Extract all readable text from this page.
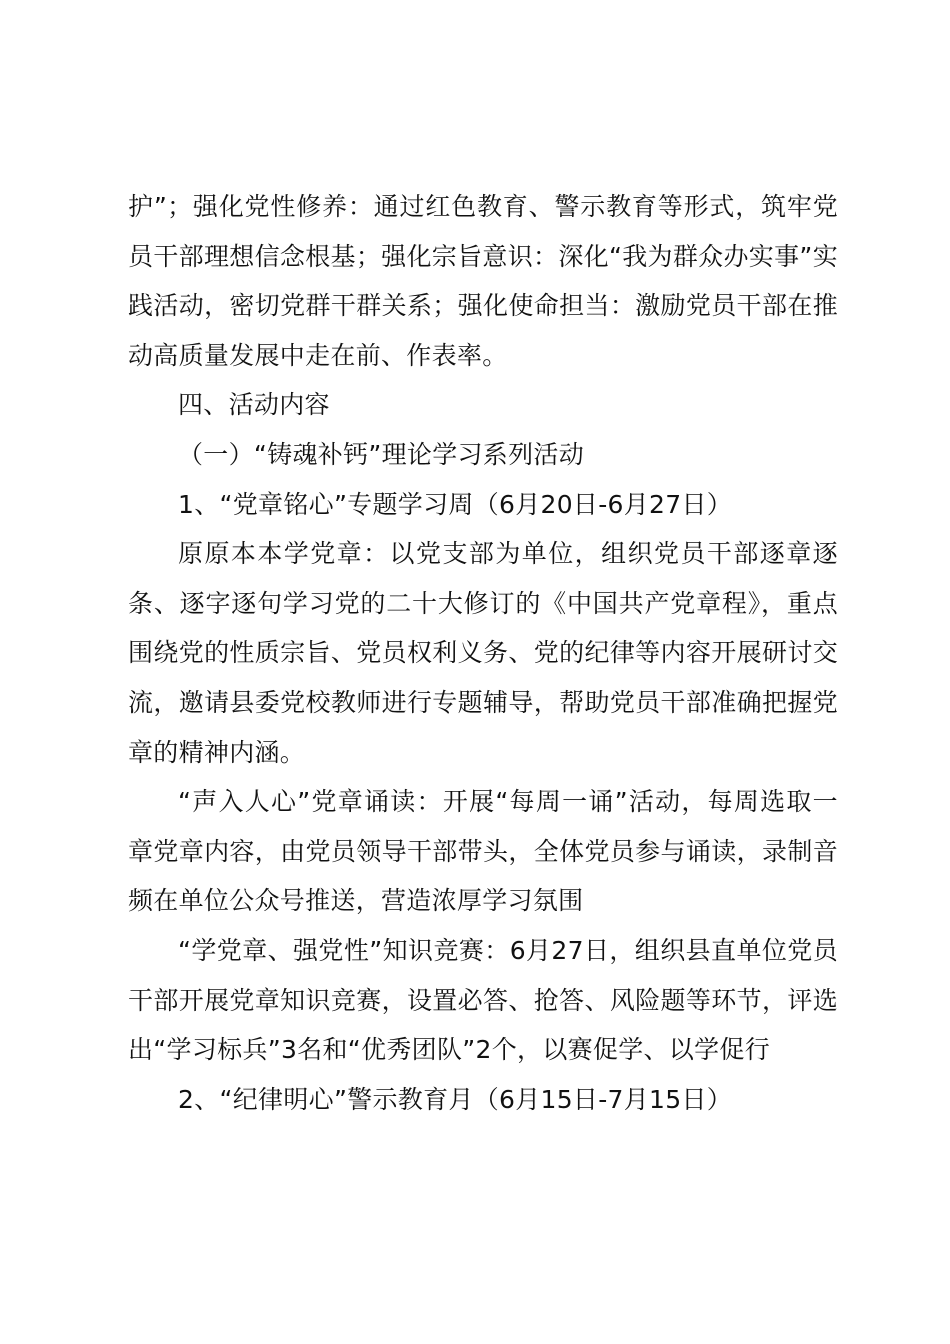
护”；强化党性修养：通过红色教育、警示教育等形式，筑牢党员干部理想信念根基；强化宗旨意识：深化“我为群众办实事”实践活动，密切党群干群关系；强化使命担当：激励党员干部在推动高质量发展中走在前、作表率。

四、活动内容

（一）“铸魂补钙”理论学习系列活动

1、“党章铭心”专题学习周（6月20日-6月27日）

原原本本学党章：以党支部为单位，组织党员干部逐章逐条、逐字逐句学习党的二十大修订的《中国共产党章程》，重点围绕党的性质宗旨、党员权利义务、党的纪律等内容开展研讨交流，邀请县委党校教师进行专题辅导，帮助党员干部准确把握党章的精神内涵。

“声入人心”党章诵读：开展“每周一诵”活动，每周选取一章党章内容，由党员领导干部带头，全体党员参与诵读，录制音频在单位公众号推送，营造浓厚学习氛围

“学党章、强党性”知识竞赛：6月27日，组织县直单位党员干部开展党章知识竞赛，设置必答、抢答、风险题等环节，评选出“学习标兵”3名和“优秀团队”2个，以赛促学、以学促行

2、“纪律明心”警示教育月（6月15日-7月15日）
